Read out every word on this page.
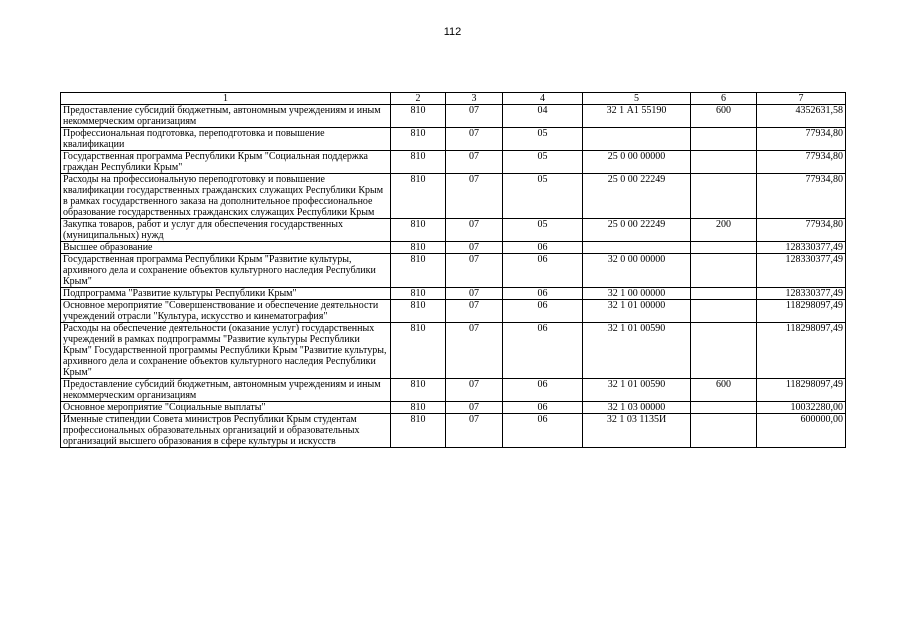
112
1	2	3	4	5	6	7
Предоставление субсидий бюджетным, автономным учреждениям и иным некоммерческим организациям	810	07	04	32 1 А1 55190	600	4352631,58
Профессиональная подготовка, переподготовка и повышение квалификации	810	07	05			77934,80
Государственная программа Республики Крым "Социальная поддержка граждан Республики Крым"	810	07	05	25 0 00 00000		77934,80
Расходы на профессиональную переподготовку и повышение квалификации государственных гражданских служащих Республики Крым в рамках государственного заказа на дополнительное профессиональное образование государственных гражданских служащих Республики Крым	810	07	05	25 0 00 22249		77934,80
Закупка товаров, работ и услуг для обеспечения государственных (муниципальных) нужд	810	07	05	25 0 00 22249	200	77934,80
Высшее образование	810	07	06			128330377,49
Государственная программа Республики Крым "Развитие культуры, архивного дела и сохранение объектов культурного наследия Республики Крым"	810	07	06	32 0 00 00000		128330377,49
Подпрограмма "Развитие культуры Республики Крым"	810	07	06	32 1 00 00000		128330377,49
Основное мероприятие "Совершенствование и обеспечение деятельности учреждений отрасли "Культура, искусство и кинематография"	810	07	06	32 1 01 00000		118298097,49
Расходы на обеспечение деятельности (оказание услуг) государственных учреждений в рамках подпрограммы "Развитие культуры Республики Крым" Государственной программы Республики Крым "Развитие культуры, архивного дела и сохранение объектов культурного наследия Республики Крым"	810	07	06	32 1 01 00590		118298097,49
Предоставление субсидий бюджетным, автономным учреждениям и иным некоммерческим организациям	810	07	06	32 1 01 00590	600	118298097,49
Основное мероприятие "Социальные выплаты"	810	07	06	32 1 03 00000		10032280,00
Именные стипендии Совета министров Республики Крым студентам профессиональных образовательных организаций и образовательных организаций высшего образования в сфере культуры и искусств	810	07	06	32 1 03 1135И		600000,00
